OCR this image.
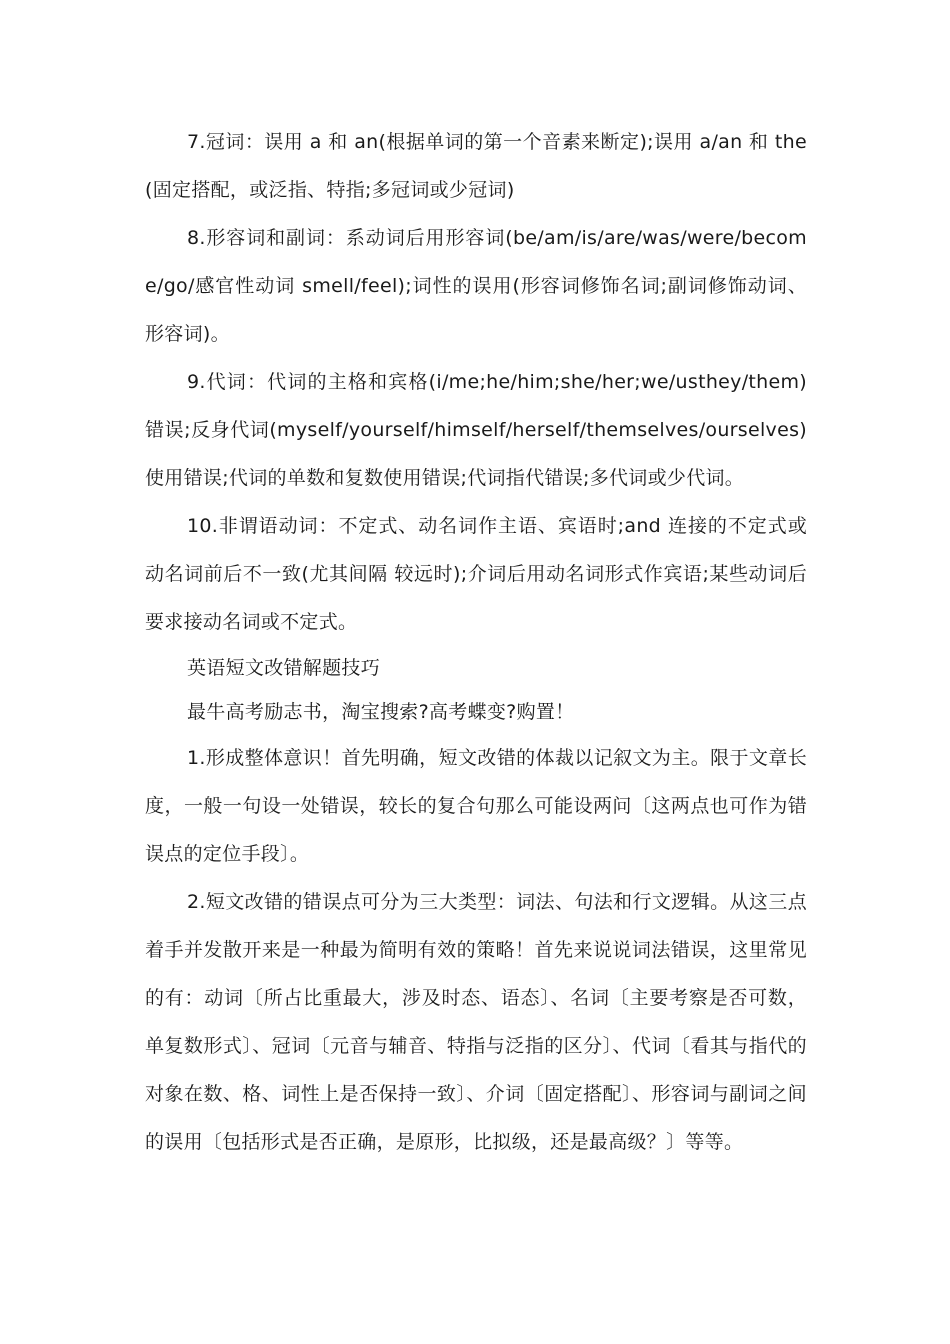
7.冠词：误用 a 和 an(根据单词的第一个音素来断定);误用 a/an 和 the(固定搭配，或泛指、特指;多冠词或少冠词)

8.形容词和副词：系动词后用形容词(be/am/is/are/was/were/become/go/感官性动词 smell/feel);词性的误用(形容词修饰名词;副词修饰动词、形容词)。

9.代词：代词的主格和宾格(i/me;he/him;she/her;we/usthey/them)错误;反身代词(myself/yourself/himself/herself/themselves/ourselves)使用错误;代词的单数和复数使用错误;代词指代错误;多代词或少代词。

10.非谓语动词：不定式、动名词作主语、宾语时;and 连接的不定式或动名词前后不一致(尤其间隔 较远时);介词后用动名词形式作宾语;某些动词后要求接动名词或不定式。

英语短文改错解题技巧

最牛高考励志书，淘宝搜索?高考蝶变?购置！

1.形成整体意识！首先明确，短文改错的体裁以记叙文为主。限于文章长度，一般一句设一处错误，较长的复合句那么可能设两问〔这两点也可作为错误点的定位手段〕。

2.短文改错的错误点可分为三大类型：词法、句法和行文逻辑。从这三点着手并发散开来是一种最为简明有效的策略！首先来说说词法错误，这里常见的有：动词〔所占比重最大，涉及时态、语态〕、名词〔主要考察是否可数，单复数形式〕、冠词〔元音与辅音、特指与泛指的区分〕、代词〔看其与指代的对象在数、格、词性上是否保持一致〕、介词〔固定搭配〕、形容词与副词之间的误用〔包括形式是否正确，是原形，比拟级，还是最高级？〕等等。
